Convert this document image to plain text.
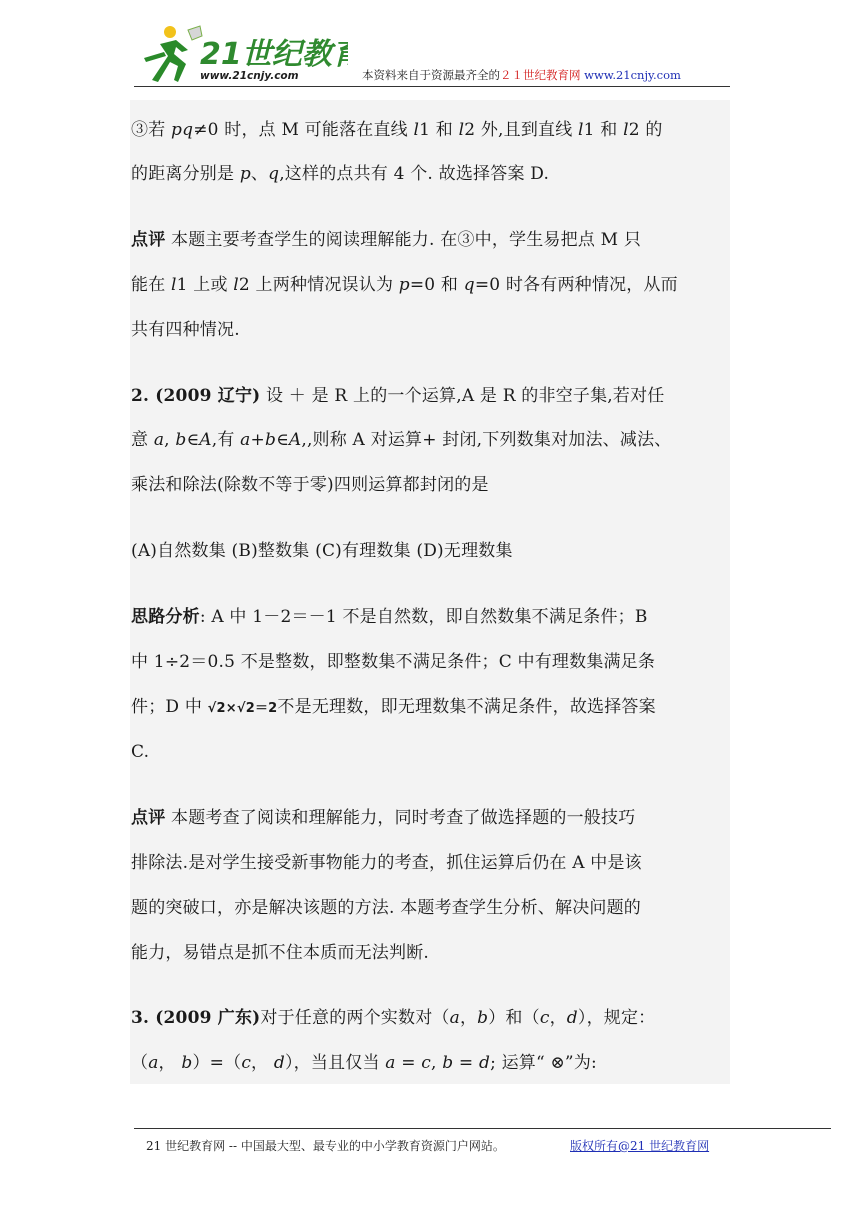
21世纪教育
www.21cnjy.com	本资料来自于资源最齐全的２１世纪教育网 www.21cnjy.com
③若 pq≠0 时，点 M 可能落在直线 l1 和 l2 外,且到直线 l1 和 l2 的
的距离分别是 p、q,这样的点共有 4 个. 故选择答案 D.
点评 本题主要考查学生的阅读理解能力. 在③中，学生易把点 M 只
能在 l1 上或 l2 上两种情况误认为 p=0 和 q=0 时各有两种情况，从而
共有四种情况.
2. (2009 辽宁) 设 ＋ 是 R 上的一个运算,A 是 R 的非空子集,若对任
意 a, b∈A,有 a+b∈A,,则称 A 对运算+ 封闭,下列数集对加法、减法、
乘法和除法(除数不等于零)四则运算都封闭的是
(A)自然数集 (B)整数集 (C)有理数集 (D)无理数集
思路分析: A 中 1－2＝－1 不是自然数，即自然数集不满足条件；B
中 1÷2＝0.5 不是整数，即整数集不满足条件；C 中有理数集满足条
件；D 中 √2×√2＝2不是无理数，即无理数集不满足条件，故选择答案
C.
点评 本题考查了阅读和理解能力，同时考查了做选择题的一般技巧
排除法.是对学生接受新事物能力的考查，抓住运算后仍在 A 中是该
题的突破口，亦是解决该题的方法. 本题考查学生分析、解决问题的
能力，易错点是抓不住本质而无法判断.
3. (2009 广东)对于任意的两个实数对（a，b）和（c，d），规定：
（a， b）=（c， d），当且仅当 a = c, b = d; 运算“ ⊗”为:
21 世纪教育网 -- 中国最大型、最专业的中小学教育资源门户网站。	版权所有@21 世纪教育网
